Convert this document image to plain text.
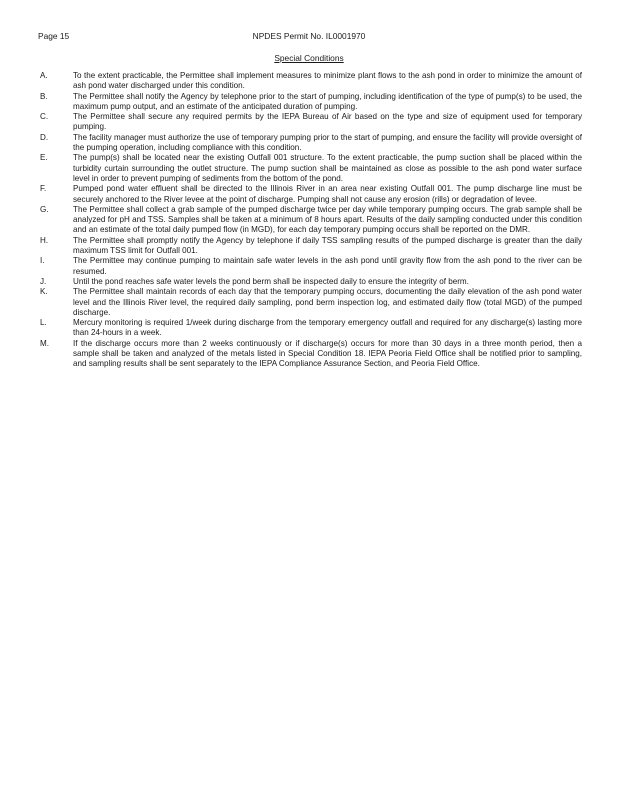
Page 15	NPDES Permit No. IL0001970
Special Conditions
A.	To the extent practicable, the Permittee shall implement measures to minimize plant flows to the ash pond in order to minimize the amount of ash pond water discharged under this condition.
B.	The Permittee shall notify the Agency by telephone prior to the start of pumping, including identification of the type of pump(s) to be used, the maximum pump output, and an estimate of the anticipated duration of pumping.
C.	The Permittee shall secure any required permits by the IEPA Bureau of Air based on the type and size of equipment used for temporary pumping.
D.	The facility manager must authorize the use of temporary pumping prior to the start of pumping, and ensure the facility will provide oversight of the pumping operation, including compliance with this condition.
E.	The pump(s) shall be located near the existing Outfall 001 structure. To the extent practicable, the pump suction shall be placed within the turbidity curtain surrounding the outlet structure. The pump suction shall be maintained as close as possible to the ash pond water surface level in order to prevent pumping of sediments from the bottom of the pond.
F.	Pumped pond water effluent shall be directed to the Illinois River in an area near existing Outfall 001. The pump discharge line must be securely anchored to the River levee at the point of discharge. Pumping shall not cause any erosion (rills) or degradation of levee.
G.	The Permittee shall collect a grab sample of the pumped discharge twice per day while temporary pumping occurs. The grab sample shall be analyzed for pH and TSS. Samples shall be taken at a minimum of 8 hours apart. Results of the daily sampling conducted under this condition and an estimate of the total daily pumped flow (in MGD), for each day temporary pumping occurs shall be reported on the DMR.
H.	The Permittee shall promptly notify the Agency by telephone if daily TSS sampling results of the pumped discharge is greater than the daily maximum TSS limit for Outfall 001.
I.	The Permittee may continue pumping to maintain safe water levels in the ash pond until gravity flow from the ash pond to the river can be resumed.
J.	Until the pond reaches safe water levels the pond berm shall be inspected daily to ensure the integrity of berm.
K.	The Permittee shall maintain records of each day that the temporary pumping occurs, documenting the daily elevation of the ash pond water level and the Illinois River level, the required daily sampling, pond berm inspection log, and estimated daily flow (total MGD) of the pumped discharge.
L.	Mercury monitoring is required 1/week during discharge from the temporary emergency outfall and required for any discharge(s) lasting more than 24-hours in a week.
M.	If the discharge occurs more than 2 weeks continuously or if discharge(s) occurs for more than 30 days in a three month period, then a sample shall be taken and analyzed of the metals listed in Special Condition 18. IEPA Peoria Field Office shall be notified prior to sampling, and sampling results shall be sent separately to the IEPA Compliance Assurance Section, and Peoria Field Office.
